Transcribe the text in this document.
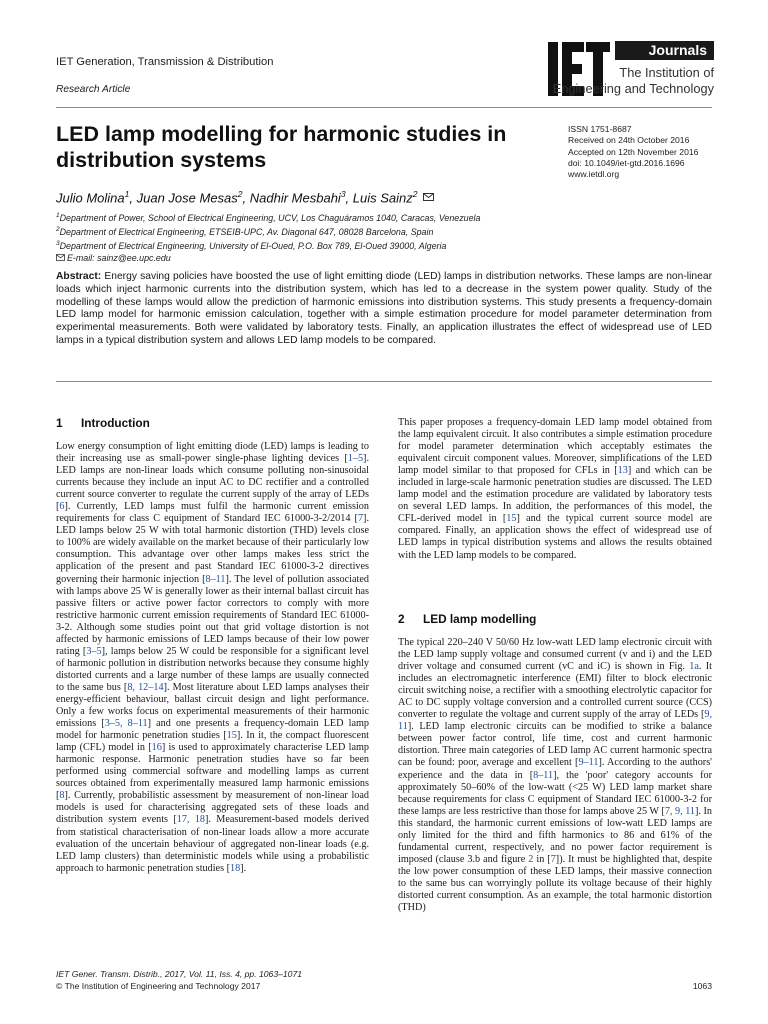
IET Generation, Transmission & Distribution
Research Article
Journals
The Institution of
Engineering and Technology
LED lamp modelling for harmonic studies in distribution systems
ISSN 1751-8687
Received on 24th October 2016
Accepted on 12th November 2016
doi: 10.1049/iet-gtd.2016.1696
www.ietdl.org
Julio Molina$^1$, Juan Jose Mesas$^2$, Nadhir Mesbahi$^3$, Luis Sainz$^2$
$^1$Department of Power, School of Electrical Engineering, UCV, Los Chaguáramos 1040, Caracas, Venezuela
$^2$Department of Electrical Engineering, ETSEIB-UPC, Av. Diagonal 647, 08028 Barcelona, Spain
$^3$Department of Electrical Engineering, University of El-Oued, P.O. Box 789, El-Oued 39000, Algeria
E-mail: sainz@ee.upc.edu
Abstract: Energy saving policies have boosted the use of light emitting diode (LED) lamps in distribution networks. These lamps are non-linear loads which inject harmonic currents into the distribution system, which has led to a decrease in the system power quality. Study of the modelling of these lamps would allow the prediction of harmonic emissions into distribution systems. This study presents a frequency-domain LED lamp model for harmonic emission calculation, together with a simple estimation procedure for model parameter determination from experimental measurements. Both were validated by laboratory tests. Finally, an application illustrates the effect of widespread use of LED lamps in a typical distribution system and allows LED lamp models to be compared.
1 Introduction
2 LED lamp modelling
Low energy consumption of light emitting diode (LED) lamps is leading to their increasing use as small-power single-phase lighting devices [1–5]. LED lamps are non-linear loads which consume polluting non-sinusoidal currents because they include an input AC to DC rectifier and a controlled current source converter to regulate the current supply of the array of LEDs [6]. Currently, LED lamps must fulfil the harmonic current emission requirements for class C equipment of Standard IEC 61000-3-2/2014 [7]. LED lamps below 25 W with total harmonic distortion (THD) levels close to 100% are widely available on the market because of their particularly low consumption. This advantage over other lamps makes less strict the application of the present and past Standard IEC 61000-3-2 directives governing their harmonic injection [8–11]. The level of pollution associated with lamps above 25 W is generally lower as their internal ballast circuit has passive filters or active power factor correctors to comply with more restrictive harmonic current emission requirements of Standard IEC 61000-3-2. Although some studies point out that grid voltage distortion is not affected by harmonic emissions of LED lamps because of their low power rating [3–5], lamps below 25 W could be responsible for a significant level of harmonic pollution in distribution networks because they consume highly distorted currents and a large number of these lamps are usually connected to the same bus [8, 12–14]. Most literature about LED lamps analyses their energy-efficient behaviour, ballast circuit design and light performance. Only a few works focus on experimental measurements of their harmonic emissions [3–5, 8–11] and one presents a frequency-domain LED lamp model for harmonic penetration studies [15]. In it, the compact fluorescent lamp (CFL) model in [16] is used to approximately characterise LED lamp harmonic response. Harmonic penetration studies have so far been performed using commercial software and modelling lamps as current sources obtained from experimentally measured lamp harmonic emissions [8]. Currently, probabilistic assessment by measurement of non-linear load models is used for characterising aggregated sets of these loads and distribution system events [17, 18]. Measurement-based models derived from statistical characterisation of non-linear loads allow a more accurate evaluation of the uncertain behaviour of aggregated non-linear loads (e.g. LED lamp clusters) than deterministic models while using a probabilistic approach to harmonic penetration studies [18].
This paper proposes a frequency-domain LED lamp model obtained from the lamp equivalent circuit. It also contributes a simple estimation procedure for model parameter determination which acceptably estimates the equivalent circuit component values. Moreover, simplifications of the LED lamp model similar to that proposed for CFLs in [13] and which can be included in large-scale harmonic penetration studies are discussed. The LED lamp model and the estimation procedure are validated by laboratory tests on several LED lamps. In addition, the performances of this model, the CFL-derived model in [15] and the typical current source model are compared. Finally, an application shows the effect of widespread use of LED lamps in typical distribution systems and allows the results obtained with the LED lamp models to be compared.
The typical 220–240 V 50/60 Hz low-watt LED lamp electronic circuit with the LED lamp supply voltage and consumed current (v and i) and the LED driver voltage and consumed current (vC and iC) is shown in Fig. 1a. It includes an electromagnetic interference (EMI) filter to block electronic circuit switching noise, a rectifier with a smoothing electrolytic capacitor for AC to DC supply voltage conversion and a controlled current source (CCS) converter to regulate the voltage and current supply of the array of LEDs [9, 11]. LED lamp electronic circuits can be modified to strike a balance between power factor control, life time, cost and current harmonic distortion. Three main categories of LED lamp AC current harmonic spectra can be found: poor, average and excellent [9–11]. According to the authors' experience and the data in [8–11], the 'poor' category accounts for approximately 50–60% of the low-watt (<25 W) LED lamp market share because requirements for class C equipment of Standard IEC 61000-3-2 for these lamps are less restrictive than those for lamps above 25 W [7, 9, 11]. In this standard, the harmonic current emissions of low-watt LED lamps are only limited for the third and fifth harmonics to 86 and 61% of the fundamental current, respectively, and no power factor requirement is imposed (clause 3.b and figure 2 in [7]). It must be highlighted that, despite the low power consumption of these LED lamps, their massive connection to the same bus can worryingly pollute its voltage because of their highly distorted current consumption. As an example, the total harmonic distortion (THD)
IET Gener. Transm. Distrib., 2017, Vol. 11, Iss. 4, pp. 1063–1071
© The Institution of Engineering and Technology 2017	1063
